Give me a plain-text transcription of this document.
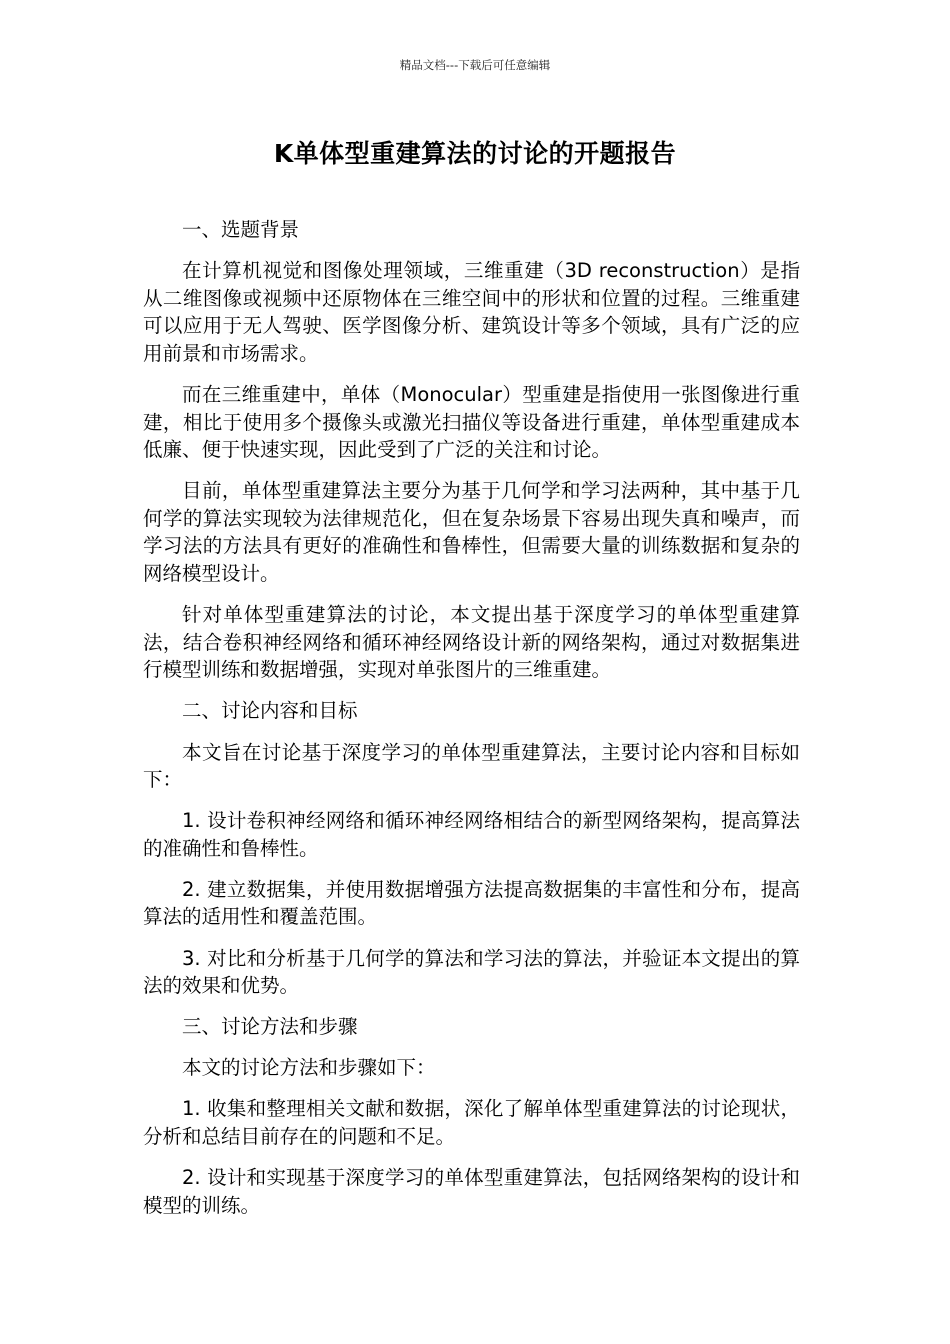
精品文档---下载后可任意编辑
K单体型重建算法的讨论的开题报告

一、选题背景

在计算机视觉和图像处理领域，三维重建（3D reconstruction）是指从二维图像或视频中还原物体在三维空间中的形状和位置的过程。三维重建可以应用于无人驾驶、医学图像分析、建筑设计等多个领域，具有广泛的应用前景和市场需求。

而在三维重建中，单体（Monocular）型重建是指使用一张图像进行重建，相比于使用多个摄像头或激光扫描仪等设备进行重建，单体型重建成本低廉、便于快速实现，因此受到了广泛的关注和讨论。

目前，单体型重建算法主要分为基于几何学和学习法两种，其中基于几何学的算法实现较为法律规范化，但在复杂场景下容易出现失真和噪声，而学习法的方法具有更好的准确性和鲁棒性，但需要大量的训练数据和复杂的网络模型设计。

针对单体型重建算法的讨论，本文提出基于深度学习的单体型重建算法，结合卷积神经网络和循环神经网络设计新的网络架构，通过对数据集进行模型训练和数据增强，实现对单张图片的三维重建。

二、讨论内容和目标

本文旨在讨论基于深度学习的单体型重建算法，主要讨论内容和目标如下：

1. 设计卷积神经网络和循环神经网络相结合的新型网络架构，提高算法的准确性和鲁棒性。

2. 建立数据集，并使用数据增强方法提高数据集的丰富性和分布，提高算法的适用性和覆盖范围。

3. 对比和分析基于几何学的算法和学习法的算法，并验证本文提出的算法的效果和优势。

三、讨论方法和步骤

本文的讨论方法和步骤如下：

1. 收集和整理相关文献和数据，深化了解单体型重建算法的讨论现状，分析和总结目前存在的问题和不足。

2. 设计和实现基于深度学习的单体型重建算法，包括网络架构的设计和模型的训练。
